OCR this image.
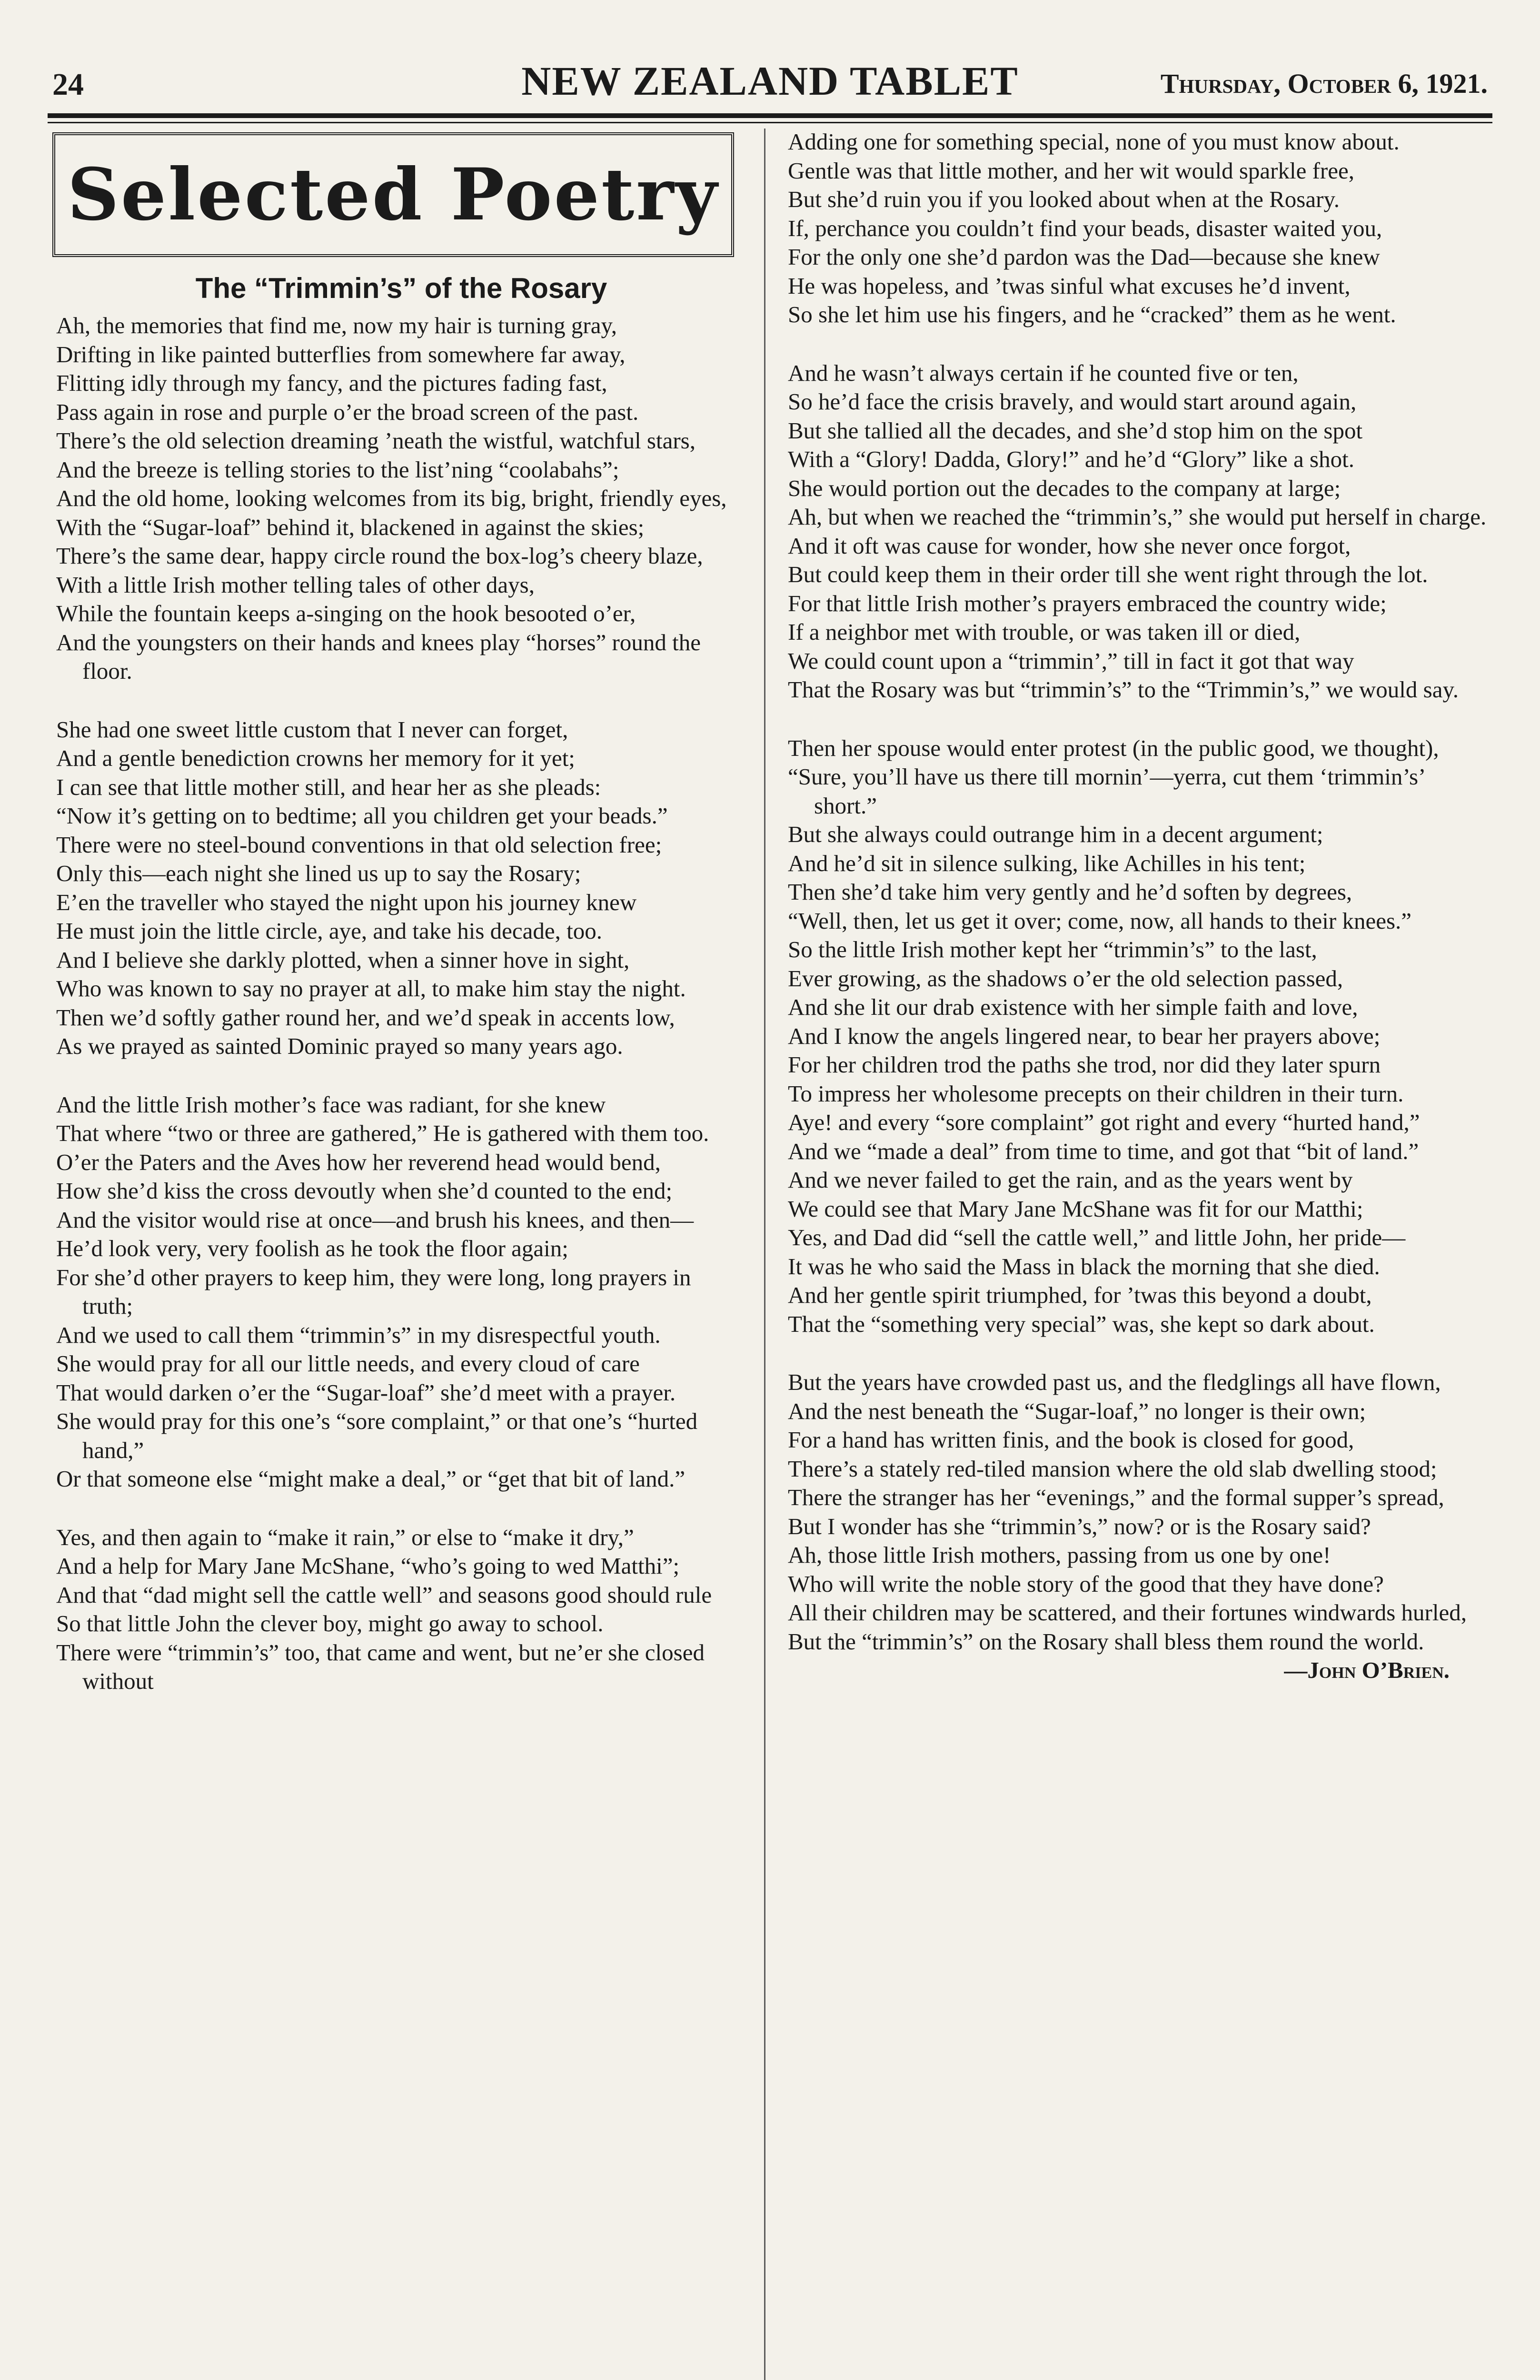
24	NEW ZEALAND TABLET	Thursday, October 6, 1921.
Selected Poetry
The “Trimmin’s” of the Rosary
Ah, the memories that find me, now my hair is turning gray,
Drifting in like painted butterflies from somewhere far away,
Flitting idly through my fancy, and the pictures fading fast,
Pass again in rose and purple o’er the broad screen of the past.
There’s the old selection dreaming ’neath the wistful, watchful stars,
And the breeze is telling stories to the list’ning “coolabahs”;
And the old home, looking welcomes from its big, bright, friendly eyes,
With the “Sugar-loaf” behind it, blackened in against the skies;
There’s the same dear, happy circle round the box-log’s cheery blaze,
With a little Irish mother telling tales of other days,
While the fountain keeps a-singing on the hook besooted o’er,
And the youngsters on their hands and knees play “horses” round the floor.
She had one sweet little custom that I never can forget,
And a gentle benediction crowns her memory for it yet;
I can see that little mother still, and hear her as she pleads:
“Now it’s getting on to bedtime; all you children get your beads.”
There were no steel-bound conventions in that old selection free;
Only this—each night she lined us up to say the Rosary;
E’en the traveller who stayed the night upon his journey knew
He must join the little circle, aye, and take his decade, too.
And I believe she darkly plotted, when a sinner hove in sight,
Who was known to say no prayer at all, to make him stay the night.
Then we’d softly gather round her, and we’d speak in accents low,
As we prayed as sainted Dominic prayed so many years ago.
And the little Irish mother’s face was radiant, for she knew
That where “two or three are gathered,” He is gathered with them too.
O’er the Paters and the Aves how her reverend head would bend,
How she’d kiss the cross devoutly when she’d counted to the end;
And the visitor would rise at once—and brush his knees, and then—
He’d look very, very foolish as he took the floor again;
For she’d other prayers to keep him, they were long, long prayers in truth;
And we used to call them “trimmin’s” in my disrespectful youth.
She would pray for all our little needs, and every cloud of care
That would darken o’er the “Sugar-loaf” she’d meet with a prayer.
She would pray for this one’s “sore complaint,” or that one’s “hurted hand,”
Or that someone else “might make a deal,” or “get that bit of land.”
Yes, and then again to “make it rain,” or else to “make it dry,”
And a help for Mary Jane McShane, “who’s going to wed Matthi”;
And that “dad might sell the cattle well” and seasons good should rule
So that little John the clever boy, might go away to school.
There were “trimmin’s” too, that came and went, but ne’er she closed without
Adding one for something special, none of you must know about.
Gentle was that little mother, and her wit would sparkle free,
But she’d ruin you if you looked about when at the Rosary.
If, perchance you couldn’t find your beads, disaster waited you,
For the only one she’d pardon was the Dad—because she knew
He was hopeless, and ’twas sinful what excuses he’d invent,
So she let him use his fingers, and he “cracked” them as he went.
And he wasn’t always certain if he counted five or ten,
So he’d face the crisis bravely, and would start around again,
But she tallied all the decades, and she’d stop him on the spot
With a “Glory! Dadda, Glory!” and he’d “Glory” like a shot.
She would portion out the decades to the company at large;
Ah, but when we reached the “trimmin’s,” she would put herself in charge.
And it oft was cause for wonder, how she never once forgot,
But could keep them in their order till she went right through the lot.
For that little Irish mother’s prayers embraced the country wide;
If a neighbor met with trouble, or was taken ill or died,
We could count upon a “trimmin’,” till in fact it got that way
That the Rosary was but “trimmin’s” to the “Trimmin’s,” we would say.
Then her spouse would enter protest (in the public good, we thought),
“Sure, you’ll have us there till mornin’—yerra, cut them ‘trimmin’s’ short.”
But she always could outrange him in a decent argument;
And he’d sit in silence sulking, like Achilles in his tent;
Then she’d take him very gently and he’d soften by degrees,
“Well, then, let us get it over; come, now, all hands to their knees.”
So the little Irish mother kept her “trimmin’s” to the last,
Ever growing, as the shadows o’er the old selection passed,
And she lit our drab existence with her simple faith and love,
And I know the angels lingered near, to bear her prayers above;
For her children trod the paths she trod, nor did they later spurn
To impress her wholesome precepts on their children in their turn.
Aye! and every “sore complaint” got right and every “hurted hand,”
And we “made a deal” from time to time, and got that “bit of land.”
And we never failed to get the rain, and as the years went by
We could see that Mary Jane McShane was fit for our Matthi;
Yes, and Dad did “sell the cattle well,” and little John, her pride—
It was he who said the Mass in black the morning that she died.
And her gentle spirit triumphed, for ’twas this beyond a doubt,
That the “something very special” was, she kept so dark about.
But the years have crowded past us, and the fledglings all have flown,
And the nest beneath the “Sugar-loaf,” no longer is their own;
For a hand has written finis, and the book is closed for good,
There’s a stately red-tiled mansion where the old slab dwelling stood;
There the stranger has her “evenings,” and the formal supper’s spread,
But I wonder has she “trimmin’s,” now? or is the Rosary said?
Ah, those little Irish mothers, passing from us one by one!
Who will write the noble story of the good that they have done?
All their children may be scattered, and their fortunes windwards hurled,
But the “trimmin’s” on the Rosary shall bless them round the world.
—John O’Brien.
